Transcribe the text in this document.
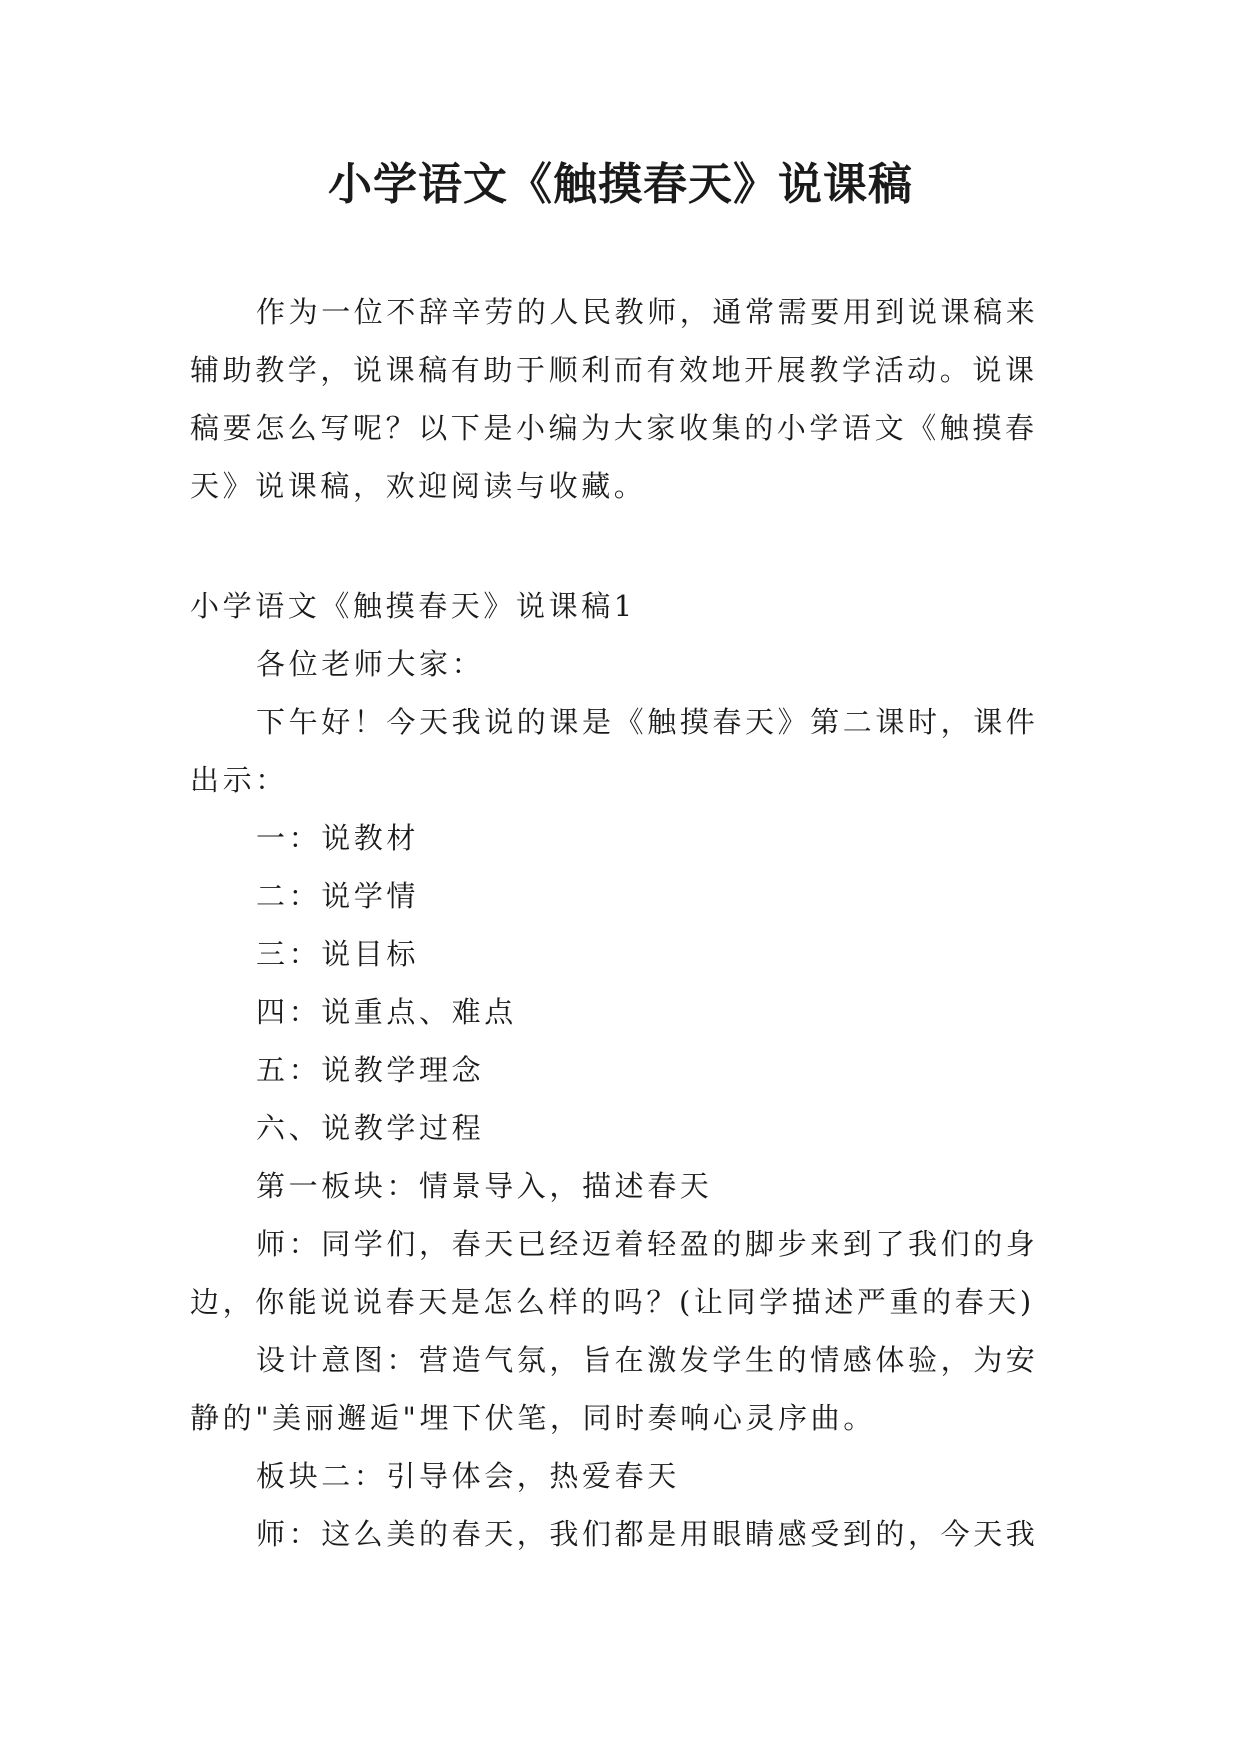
小学语文《触摸春天》说课稿

作为一位不辞辛劳的人民教师，通常需要用到说课稿来辅助教学，说课稿有助于顺利而有效地开展教学活动。说课稿要怎么写呢？以下是小编为大家收集的小学语文《触摸春天》说课稿，欢迎阅读与收藏。

小学语文《触摸春天》说课稿1

各位老师大家：

下午好！今天我说的课是《触摸春天》第二课时，课件出示：

一：说教材

二：说学情

三：说目标

四：说重点、难点

五：说教学理念

六、说教学过程

第一板块：情景导入，描述春天

师：同学们，春天已经迈着轻盈的脚步来到了我们的身边，你能说说春天是怎么样的吗？(让同学描述严重的春天)

设计意图：营造气氛，旨在激发学生的情感体验，为安静的"美丽邂逅"埋下伏笔，同时奏响心灵序曲。

板块二：引导体会，热爱春天

师：这么美的春天，我们都是用眼睛感受到的，今天我
